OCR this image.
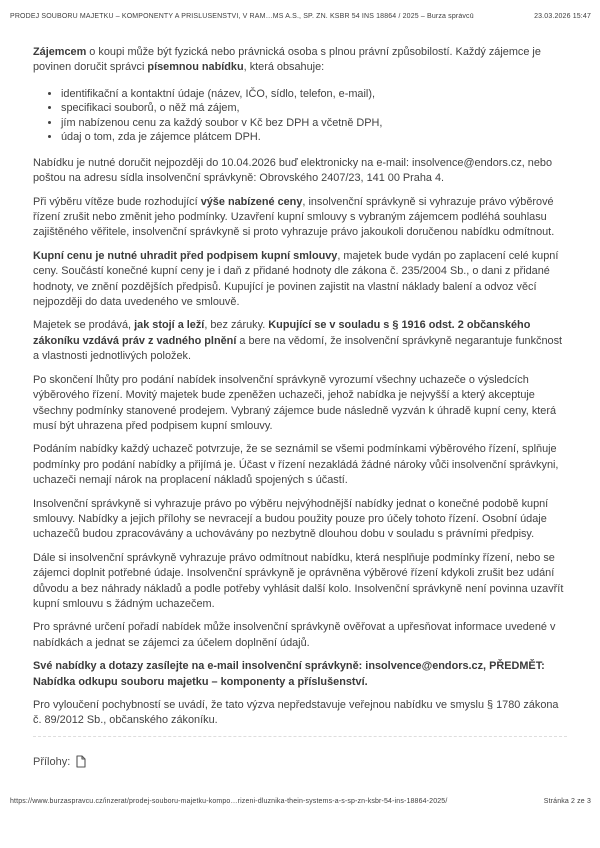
PRODEJ SOUBORU MAJETKU – KOMPONENTY A PŘÍSLUŠENSTVÍ, V RÁM…MS A.S., SP. ZN. KSBR 54 INS 18864 / 2025 – Burza správců	23.03.2026 15:47

Zájemcem o koupi může být fyzická nebo právnická osoba s plnou právní způsobilostí. Každý zájemce je povinen doručit správci písemnou nabídku, která obsahuje:

• identifikační a kontaktní údaje (název, IČO, sídlo, telefon, e-mail),
• specifikaci souborů, o něž má zájem,
• jím nabízenou cenu za každý soubor v Kč bez DPH a včetně DPH,
• údaj o tom, zda je zájemce plátcem DPH.

Nabídku je nutné doručit nejpozději do 10.04.2026 buď elektronicky na e-mail: insolvence@endors.cz, nebo poštou na adresu sídla insolvenční správkyně: Obrovského 2407/23, 141 00 Praha 4.

Při výběru vítěze bude rozhodující výše nabízené ceny, insolvenční správkyně si vyhrazuje právo výběrové řízení zrušit nebo změnit jeho podmínky. Uzavření kupní smlouvy s vybraným zájemcem podléhá souhlasu zajištěného věřitele, insolvenční správkyně si proto vyhrazuje právo jakoukoli doručenou nabídku odmítnout.

Kupní cenu je nutné uhradit před podpisem kupní smlouvy, majetek bude vydán po zaplacení celé kupní ceny. Součástí konečné kupní ceny je i daň z přidané hodnoty dle zákona č. 235/2004 Sb., o dani z přidané hodnoty, ve znění pozdějších předpisů. Kupující je povinen zajistit na vlastní náklady balení a odvoz věcí nejpozději do data uvedeného ve smlouvě.

Majetek se prodává, jak stojí a leží, bez záruky. Kupující se v souladu s § 1916 odst. 2 občanského zákoníku vzdává práv z vadného plnění a bere na vědomí, že insolvenční správkyně negarantuje funkčnost a vlastnosti jednotlivých položek.

Po skončení lhůty pro podání nabídek insolvenční správkyně vyrozumí všechny uchazeče o výsledcích výběrového řízení. Movitý majetek bude zpeněžen uchazeči, jehož nabídka je nejvyšší a který akceptuje všechny podmínky stanovené prodejem. Vybraný zájemce bude následně vyzván k úhradě kupní ceny, která musí být uhrazena před podpisem kupní smlouvy.

Podáním nabídky každý uchazeč potvrzuje, že se seznámil se všemi podmínkami výběrového řízení, splňuje podmínky pro podání nabídky a přijímá je. Účast v řízení nezakládá žádné nároky vůči insolvenční správkyni, uchazeči nemají nárok na proplacení nákladů spojených s účastí.

Insolvenční správkyně si vyhrazuje právo po výběru nejvýhodnější nabídky jednat o konečné podobě kupní smlouvy. Nabídky a jejich přílohy se nevracejí a budou použity pouze pro účely tohoto řízení. Osobní údaje uchazečů budou zpracovávány a uchovávány po nezbytně dlouhou dobu v souladu s právními předpisy.

Dále si insolvenční správkyně vyhrazuje právo odmítnout nabídku, která nesplňuje podmínky řízení, nebo se zájemci doplnit potřebné údaje. Insolvenční správkyně je oprávněna výběrové řízení kdykoli zrušit bez udání důvodu a bez náhrady nákladů a podle potřeby vyhlásit další kolo. Insolvenční správkyně není povinna uzavřít kupní smlouvu s žádným uchazečem.

Pro správné určení pořadí nabídek může insolvenční správkyně ověřovat a upřesňovat informace uvedené v nabídkách a jednat se zájemci za účelem doplnění údajů.

Své nabídky a dotazy zasílejte na e-mail insolvenční správkyně: insolvence@endors.cz, PŘEDMĚT: Nabídka odkupu souboru majetku – komponenty a příslušenství.

Pro vyloučení pochybností se uvádí, že tato výzva nepředstavuje veřejnou nabídku ve smyslu § 1780 zákona č. 89/2012 Sb., občanského zákoníku.

Přílohy:
https://www.burzaspravcu.cz/inzerat/prodej-souboru-majetku-kompo…rizeni-dluznika-thein-systems-a-s-sp-zn-ksbr-54-ins-18864-2025/	Stránka 2 ze 3
